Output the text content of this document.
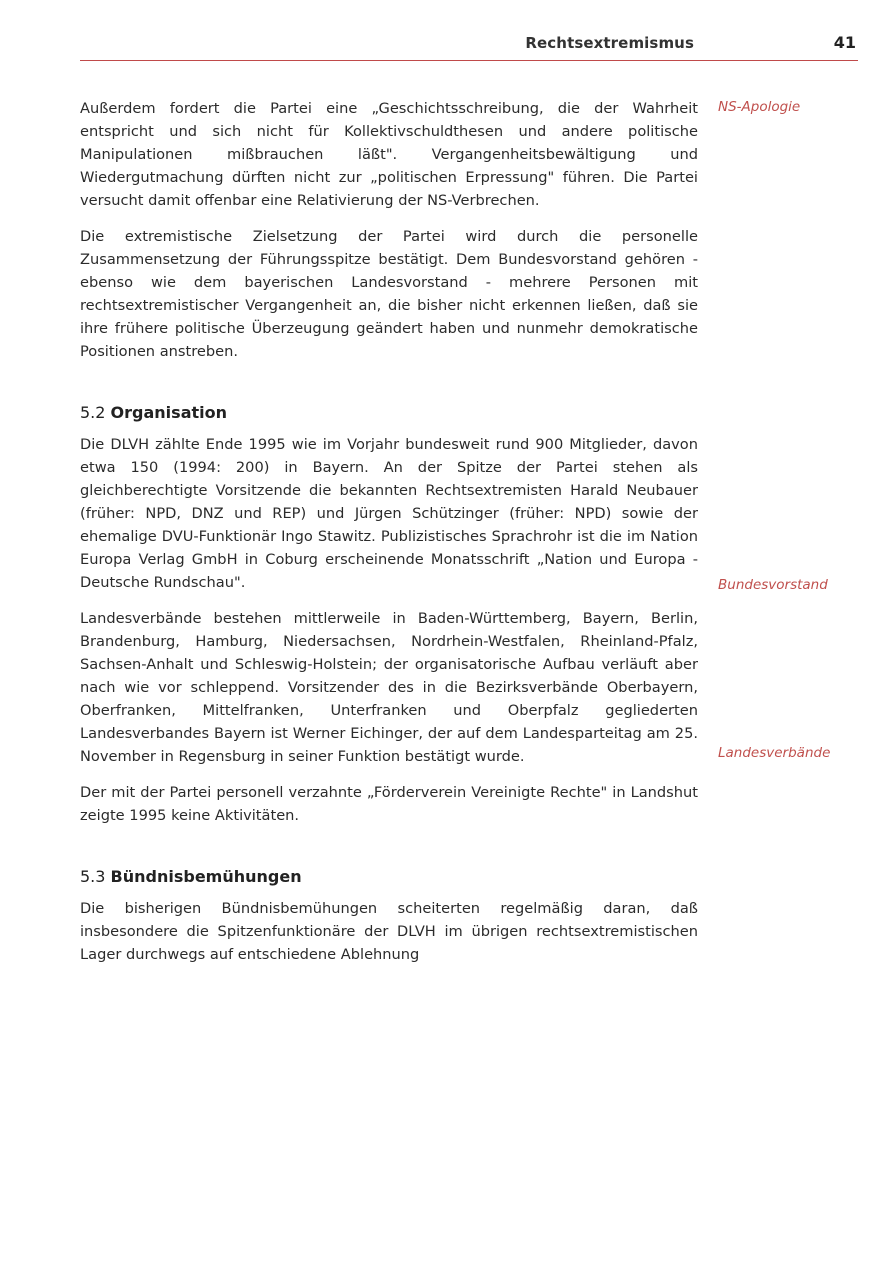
Rechtsextremismus	41
NS-Apologie
Bundesvorstand
Landesverbände

Außerdem fordert die Partei eine „Geschichtsschreibung, die der Wahrheit entspricht und sich nicht für Kollektivschuldthesen und andere politische Manipulationen mißbrauchen läßt". Vergangenheitsbewältigung und Wiedergutmachung dürften nicht zur „politischen Erpressung" führen. Die Partei versucht damit offenbar eine Relativierung der NS-Verbrechen.

Die extremistische Zielsetzung der Partei wird durch die personelle Zusammensetzung der Führungsspitze bestätigt. Dem Bundesvorstand gehören - ebenso wie dem bayerischen Landesvorstand - mehrere Personen mit rechtsextremistischer Vergangenheit an, die bisher nicht erkennen ließen, daß sie ihre frühere politische Überzeugung geändert haben und nunmehr demokratische Positionen anstreben.

5.2 Organisation

Die DLVH zählte Ende 1995 wie im Vorjahr bundesweit rund 900 Mitglieder, davon etwa 150 (1994: 200) in Bayern. An der Spitze der Partei stehen als gleichberechtigte Vorsitzende die bekannten Rechtsextremisten Harald Neubauer (früher: NPD, DNZ und REP) und Jürgen Schützinger (früher: NPD) sowie der ehemalige DVU-Funktionär Ingo Stawitz. Publizistisches Sprachrohr ist die im Nation Europa Verlag GmbH in Coburg erscheinende Monatsschrift „Nation und Europa - Deutsche Rundschau".

Landesverbände bestehen mittlerweile in Baden-Württemberg, Bayern, Berlin, Brandenburg, Hamburg, Niedersachsen, Nordrhein-Westfalen, Rheinland-Pfalz, Sachsen-Anhalt und Schleswig-Holstein; der organisatorische Aufbau verläuft aber nach wie vor schleppend. Vorsitzender des in die Bezirksverbände Oberbayern, Oberfranken, Mittelfranken, Unterfranken und Oberpfalz gegliederten Landesverbandes Bayern ist Werner Eichinger, der auf dem Landesparteitag am 25. November in Regensburg in seiner Funktion bestätigt wurde.

Der mit der Partei personell verzahnte „Förderverein Vereinigte Rechte" in Landshut zeigte 1995 keine Aktivitäten.

5.3 Bündnisbemühungen

Die bisherigen Bündnisbemühungen scheiterten regelmäßig daran, daß insbesondere die Spitzenfunktionäre der DLVH im übrigen rechtsextremistischen Lager durchwegs auf entschiedene Ablehnung
